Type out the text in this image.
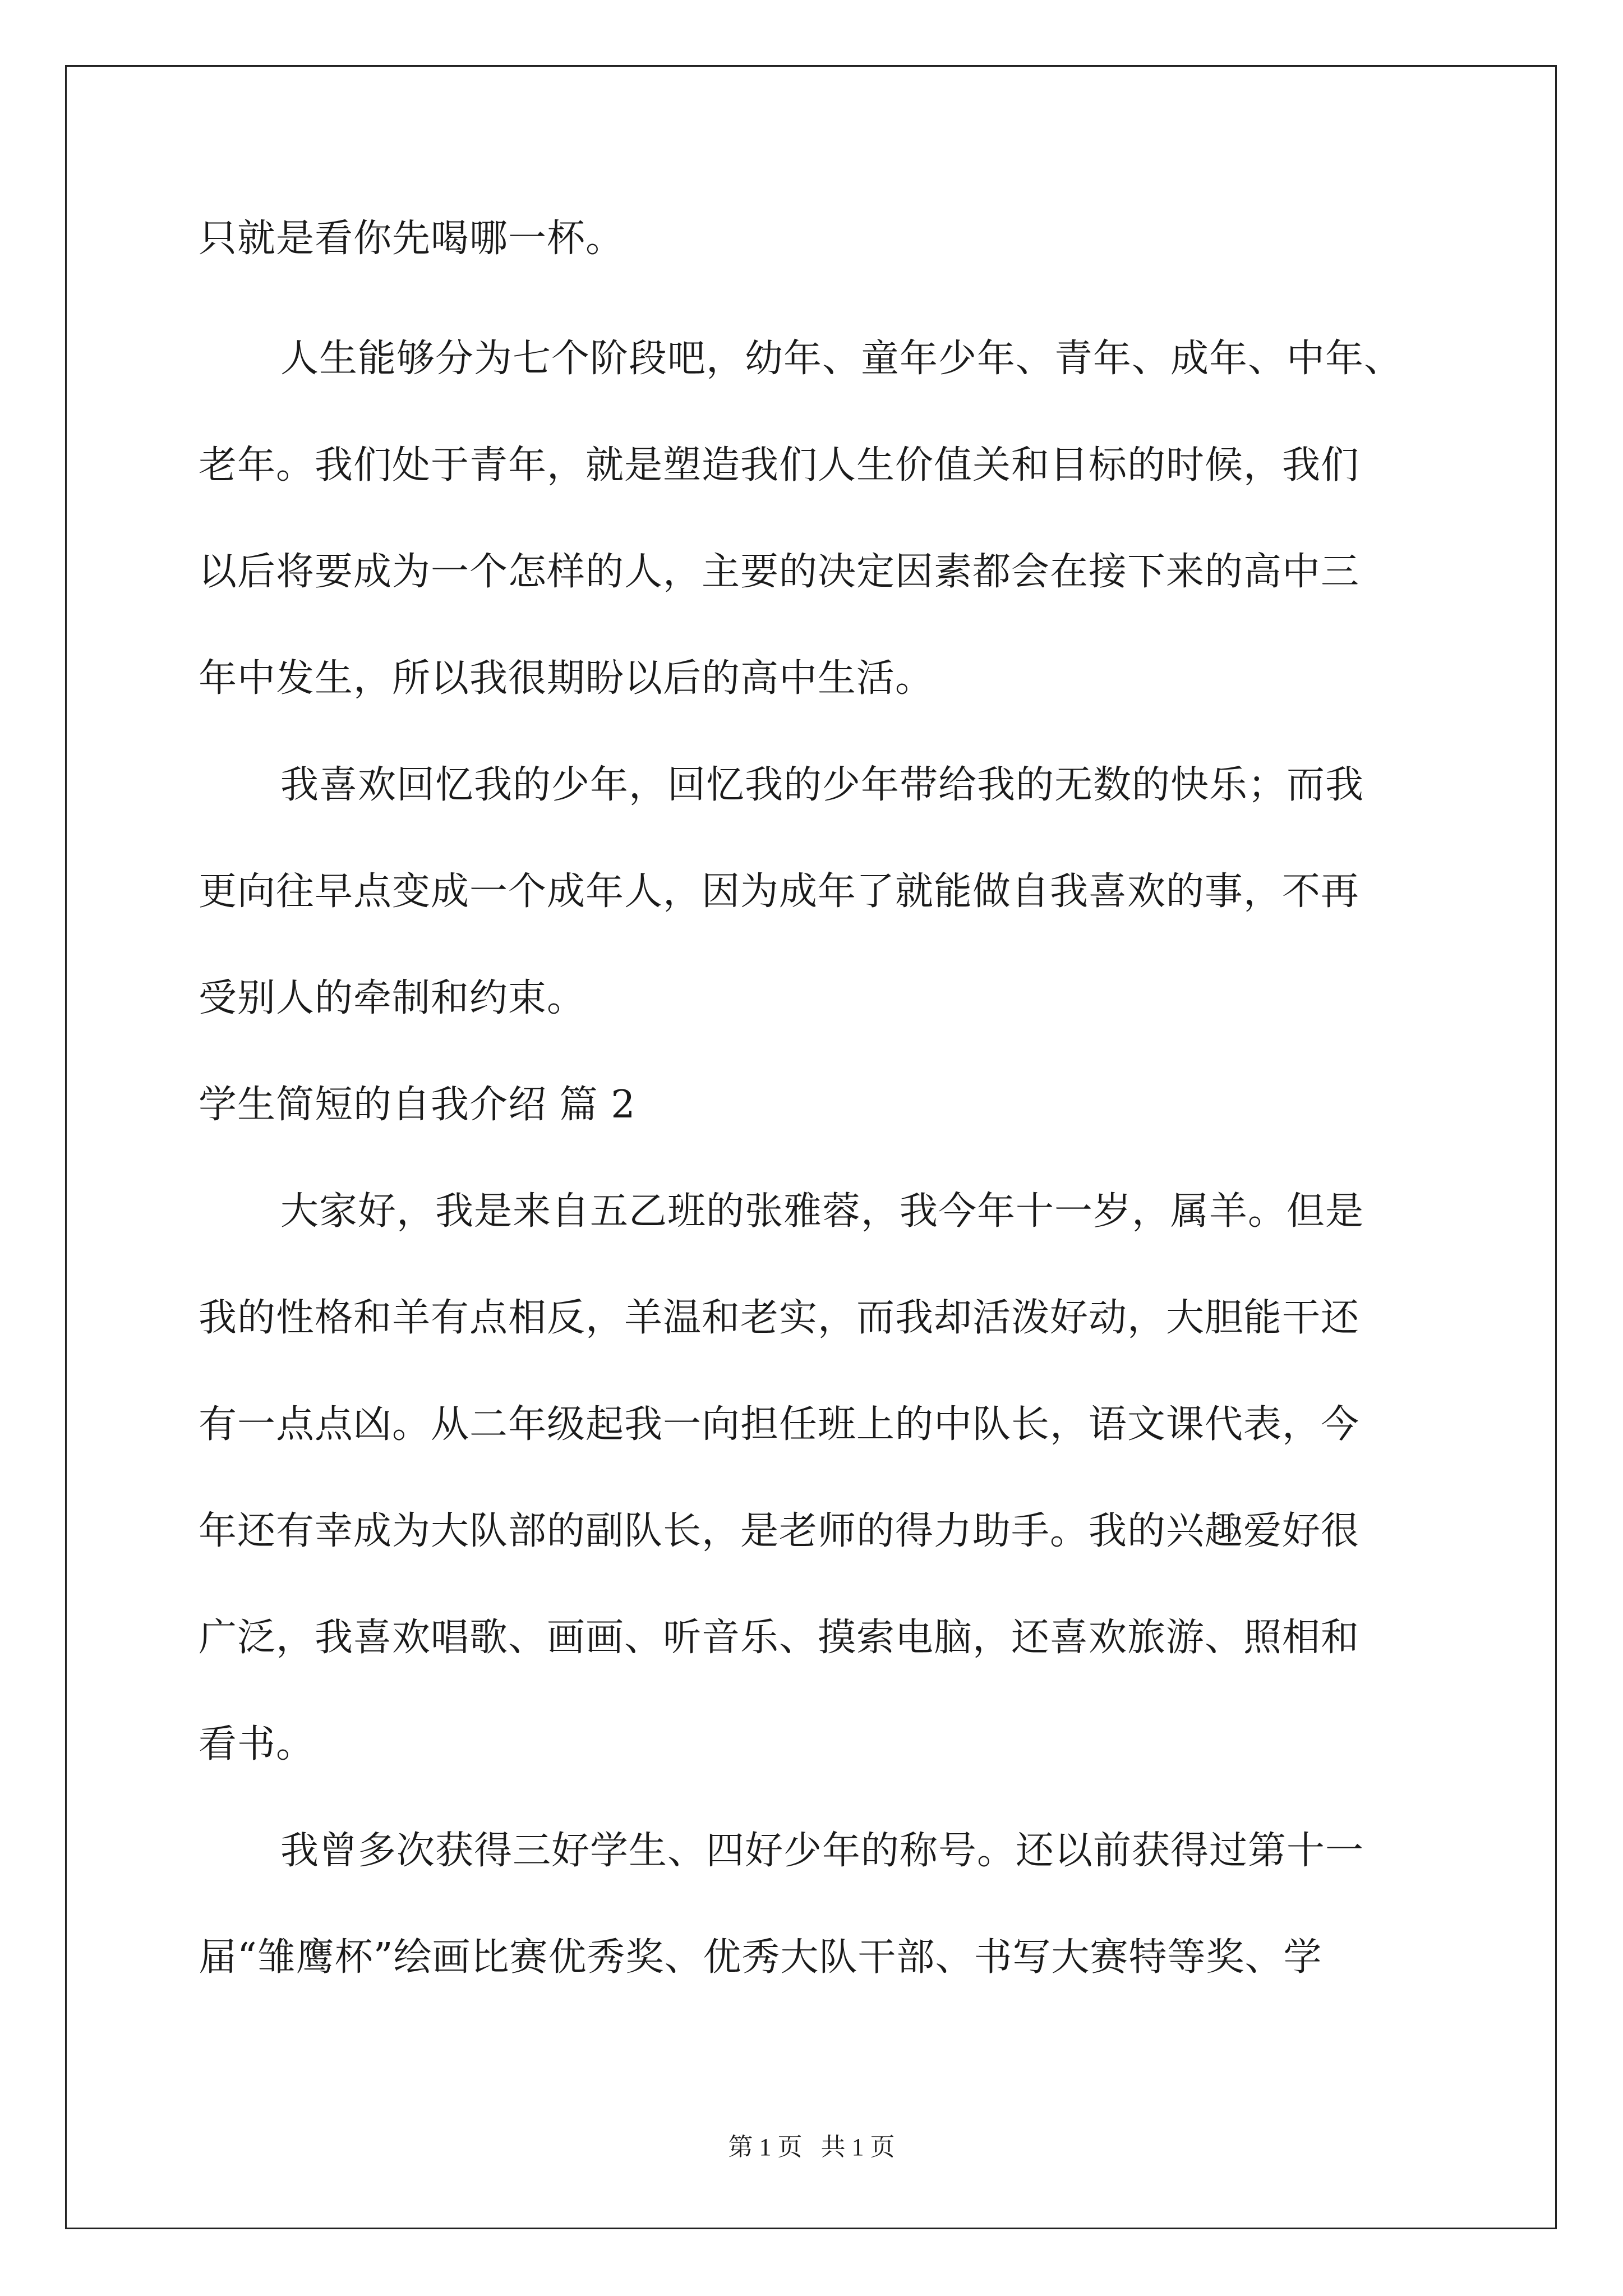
只就是看你先喝哪一杯。
人生能够分为七个阶段吧，幼年、童年少年、青年、成年、中年、
老年。我们处于青年，就是塑造我们人生价值关和目标的时候，我们
以后将要成为一个怎样的人，主要的决定因素都会在接下来的高中三
年中发生，所以我很期盼以后的高中生活。
我喜欢回忆我的少年，回忆我的少年带给我的无数的快乐；而我
更向往早点变成一个成年人，因为成年了就能做自我喜欢的事，不再
受别人的牵制和约束。
学生简短的自我介绍 篇 2
大家好，我是来自五乙班的张雅蓉，我今年十一岁，属羊。但是
我的性格和羊有点相反，羊温和老实，而我却活泼好动，大胆能干还
有一点点凶。从二年级起我一向担任班上的中队长，语文课代表，今
年还有幸成为大队部的副队长，是老师的得力助手。我的兴趣爱好很
广泛，我喜欢唱歌、画画、听音乐、摸索电脑，还喜欢旅游、照相和
看书。
我曾多次获得三好学生、四好少年的称号。还以前获得过第十一
届“雏鹰杯”绘画比赛优秀奖、优秀大队干部、书写大赛特等奖、学
第 1 页   共 1 页
